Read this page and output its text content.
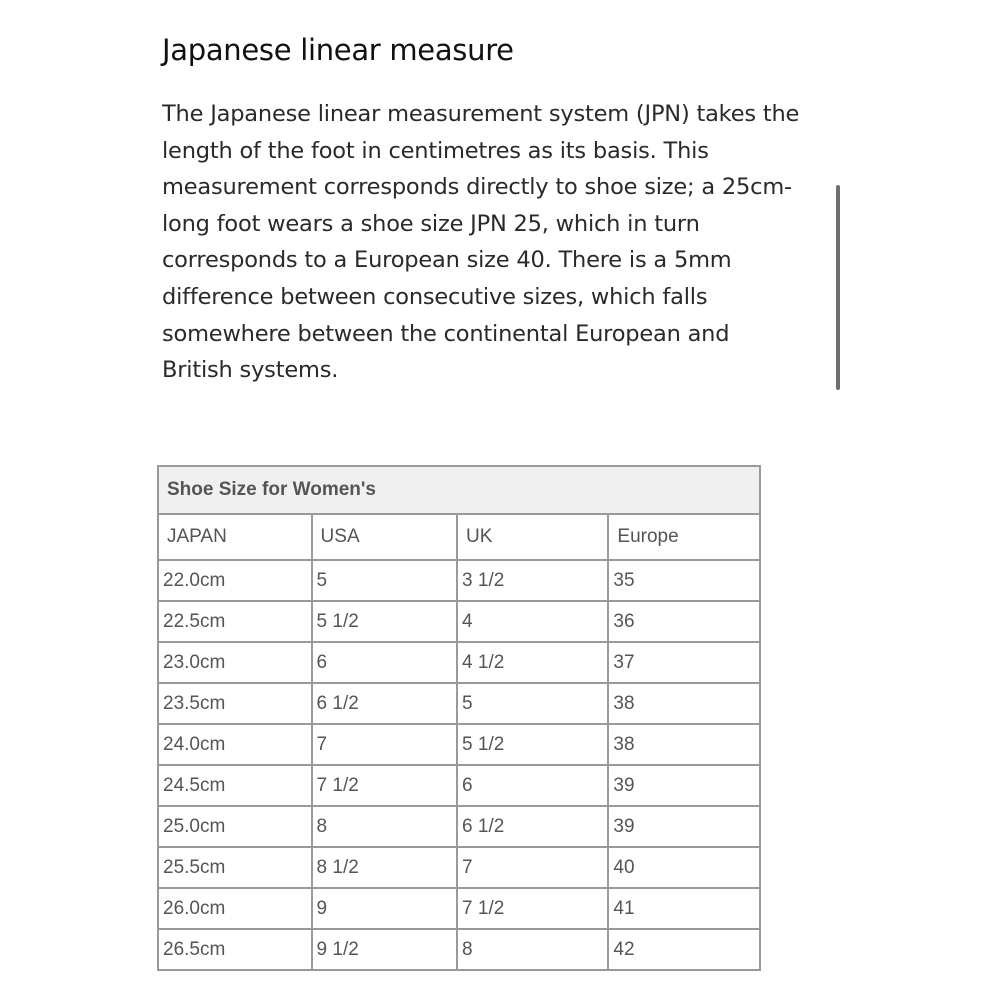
Japanese linear measure

The Japanese linear measurement system (JPN) takes the length of the foot in centimetres as its basis. This measurement corresponds directly to shoe size; a 25cm-long foot wears a shoe size JPN 25, which in turn corresponds to a European size 40. There is a 5mm difference between consecutive sizes, which falls somewhere between the continental European and British systems.

Shoe Size for Women's			
JAPAN	USA	UK	Europe
22.0cm	5	3 1/2	35
22.5cm	5 1/2	4	36
23.0cm	6	4 1/2	37
23.5cm	6 1/2	5	38
24.0cm	7	5 1/2	38
24.5cm	7 1/2	6	39
25.0cm	8	6 1/2	39
25.5cm	8 1/2	7	40
26.0cm	9	7 1/2	41
26.5cm	9 1/2	8	42
